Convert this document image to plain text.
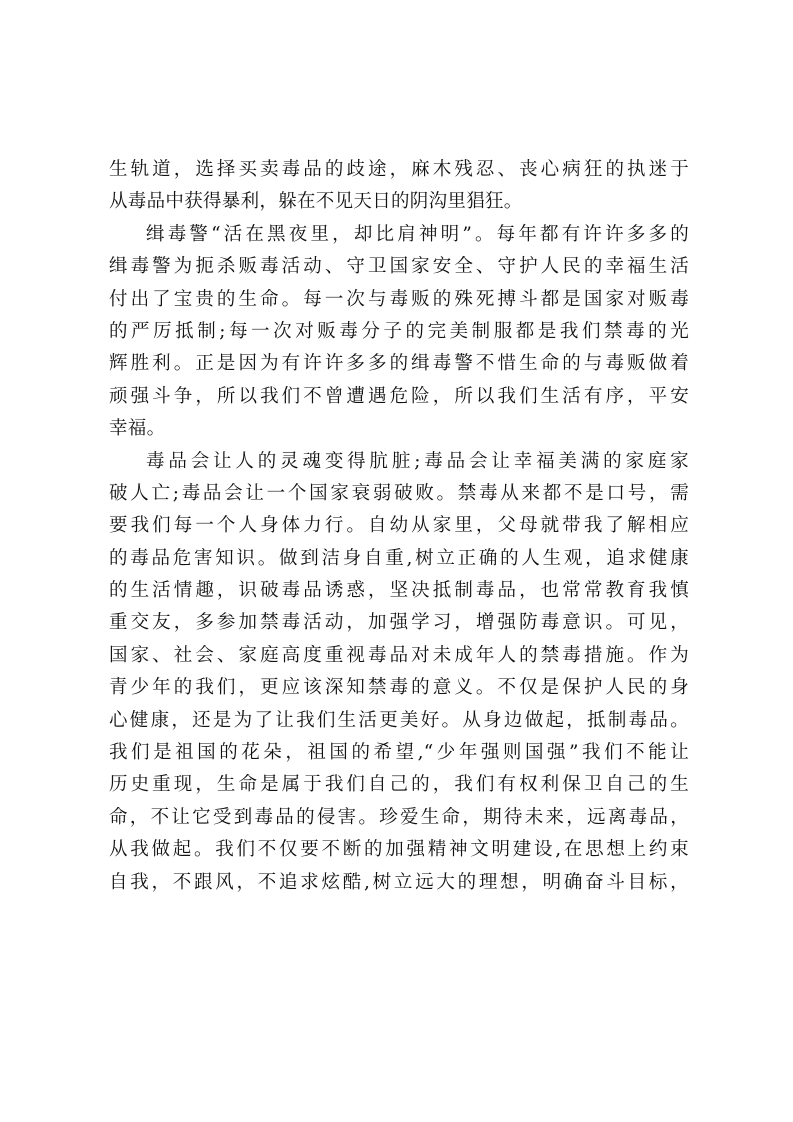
生轨道，选择买卖毒品的歧途，麻木残忍、丧心病狂的执迷于
从毒品中获得暴利，躲在不见天日的阴沟里猖狂。
缉毒警“活在黑夜里，却比肩神明”。每年都有许许多多的
缉毒警为扼杀贩毒活动、守卫国家安全、守护人民的幸福生活
付出了宝贵的生命。每一次与毒贩的殊死搏斗都是国家对贩毒
的严厉抵制;每一次对贩毒分子的完美制服都是我们禁毒的光
辉胜利。正是因为有许许多多的缉毒警不惜生命的与毒贩做着
顽强斗争，所以我们不曾遭遇危险，所以我们生活有序，平安
幸福。
毒品会让人的灵魂变得肮脏;毒品会让幸福美满的家庭家
破人亡;毒品会让一个国家衰弱破败。禁毒从来都不是口号，需
要我们每一个人身体力行。自幼从家里，父母就带我了解相应
的毒品危害知识。做到洁身自重,树立正确的人生观，追求健康
的生活情趣，识破毒品诱惑，坚决抵制毒品，也常常教育我慎
重交友，多参加禁毒活动，加强学习，增强防毒意识。可见，
国家、社会、家庭高度重视毒品对未成年人的禁毒措施。作为
青少年的我们，更应该深知禁毒的意义。不仅是保护人民的身
心健康，还是为了让我们生活更美好。从身边做起，抵制毒品。
我们是祖国的花朵，祖国的希望,“少年强则国强”我们不能让
历史重现，生命是属于我们自己的，我们有权利保卫自己的生
命，不让它受到毒品的侵害。珍爱生命，期待未来，远离毒品，
从我做起。我们不仅要不断的加强精神文明建设,在思想上约束
自我，不跟风，不追求炫酷,树立远大的理想，明确奋斗目标，
